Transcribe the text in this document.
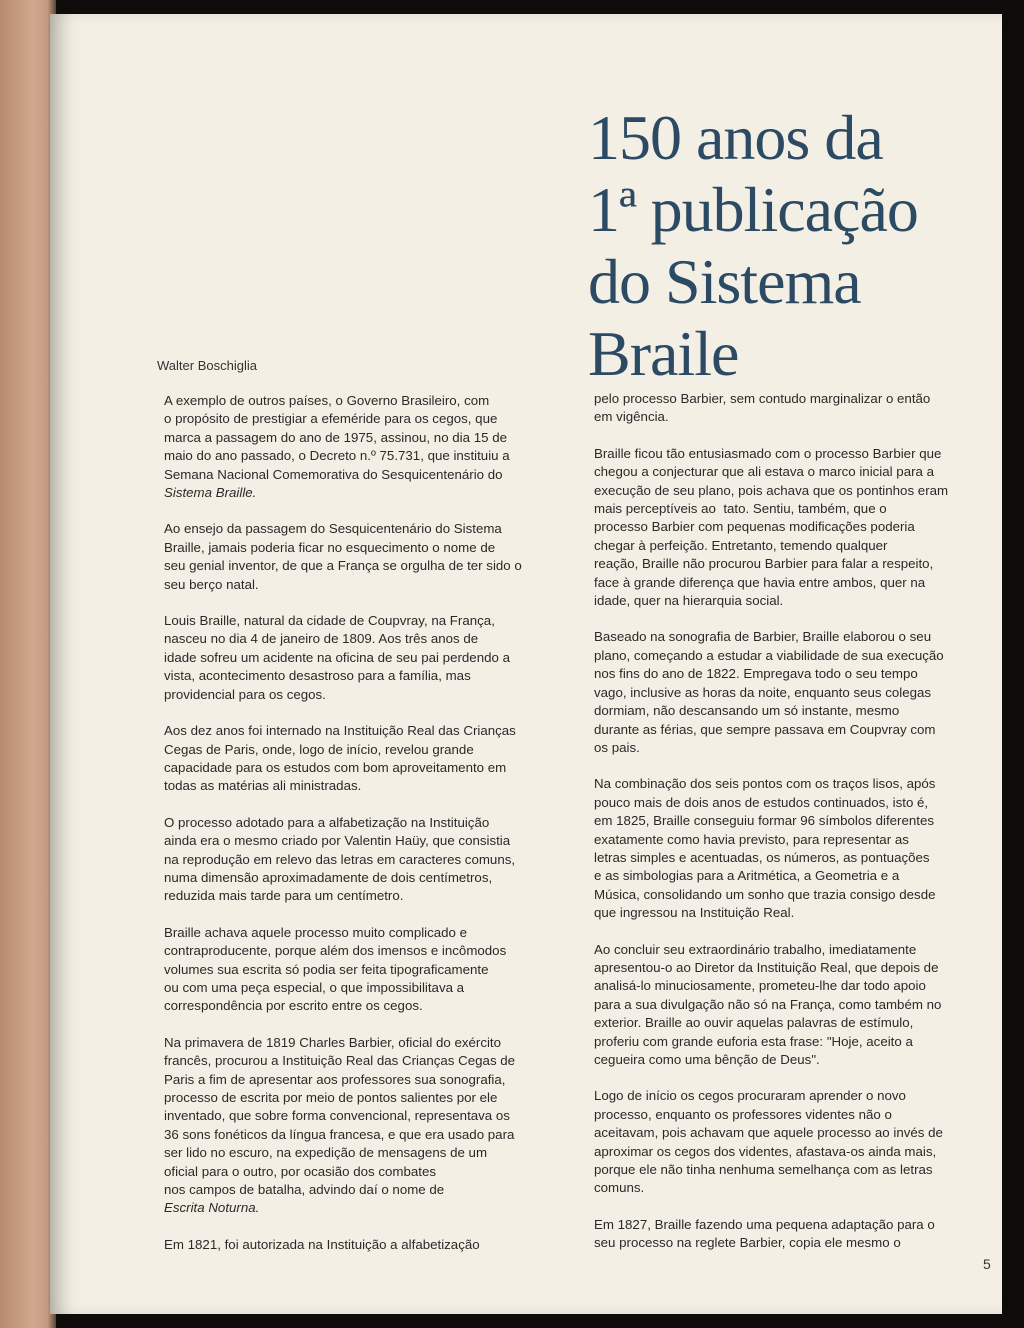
150 anos da
1ª publicação
do Sistema
Braile

Walter Boschiglia

A exemplo de outros países, o Governo Brasileiro, com
o propósito de prestigiar a efeméride para os cegos, que
marca a passagem do ano de 1975, assinou, no dia 15 de
maio do ano passado, o Decreto n.º 75.731, que instituiu a
Semana Nacional Comemorativa do Sesquicentenário do
Sistema Braille.

Ao ensejo da passagem do Sesquicentenário do Sistema
Braille, jamais poderia ficar no esquecimento o nome de
seu genial inventor, de que a França se orgulha de ter sido o
seu berço natal.

Louis Braille, natural da cidade de Coupvray, na França,
nasceu no dia 4 de janeiro de 1809. Aos três anos de
idade sofreu um acidente na oficina de seu pai perdendo a
vista, acontecimento desastroso para a família, mas
providencial para os cegos.

Aos dez anos foi internado na Instituição Real das Crianças
Cegas de Paris, onde, logo de início, revelou grande
capacidade para os estudos com bom aproveitamento em
todas as matérias ali ministradas.

O processo adotado para a alfabetização na Instituição
ainda era o mesmo criado por Valentin Haüy, que consistia
na reprodução em relevo das letras em caracteres comuns,
numa dimensão aproximadamente de dois centímetros,
reduzida mais tarde para um centímetro.

Braille achava aquele processo muito complicado e
contraproducente, porque além dos imensos e incômodos
volumes sua escrita só podia ser feita tipograficamente
ou com uma peça especial, o que impossibilitava a
correspondência por escrito entre os cegos.

Na primavera de 1819 Charles Barbier, oficial do exército
francês, procurou a Instituição Real das Crianças Cegas de
Paris a fim de apresentar aos professores sua sonografia,
processo de escrita por meio de pontos salientes por ele
inventado, que sobre forma convencional, representava os
36 sons fonéticos da língua francesa, e que era usado para
ser lido no escuro, na expedição de mensagens de um
oficial para o outro, por ocasião dos combates
nos campos de batalha, advindo daí o nome de
Escrita Noturna.

Em 1821, foi autorizada na Instituição a alfabetização

pelo processo Barbier, sem contudo marginalizar o então
em vigência.

Braille ficou tão entusiasmado com o processo Barbier que
chegou a conjecturar que ali estava o marco inicial para a
execução de seu plano, pois achava que os pontinhos eram
mais perceptíveis ao  tato. Sentiu, também, que o
processo Barbier com pequenas modificações poderia
chegar à perfeição. Entretanto, temendo qualquer
reação, Braille não procurou Barbier para falar a respeito,
face à grande diferença que havia entre ambos, quer na
idade, quer na hierarquia social.

Baseado na sonografia de Barbier, Braille elaborou o seu
plano, começando a estudar a viabilidade de sua execução
nos fins do ano de 1822. Empregava todo o seu tempo
vago, inclusive as horas da noite, enquanto seus colegas
dormiam, não descansando um só instante, mesmo
durante as férias, que sempre passava em Coupvray com
os pais.

Na combinação dos seis pontos com os traços lisos, após
pouco mais de dois anos de estudos continuados, isto é,
em 1825, Braille conseguiu formar 96 símbolos diferentes
exatamente como havia previsto, para representar as
letras simples e acentuadas, os números, as pontuações
e as simbologias para a Aritmética, a Geometria e a
Música, consolidando um sonho que trazia consigo desde
que ingressou na Instituição Real.

Ao concluir seu extraordinário trabalho, imediatamente
apresentou-o ao Diretor da Instituição Real, que depois de
analisá-lo minuciosamente, prometeu-lhe dar todo apoio
para a sua divulgação não só na França, como também no
exterior. Braille ao ouvir aquelas palavras de estímulo,
proferiu com grande euforia esta frase: "Hoje, aceito a
cegueira como uma bênção de Deus".

Logo de início os cegos procuraram aprender o novo
processo, enquanto os professores videntes não o
aceitavam, pois achavam que aquele processo ao invés de
aproximar os cegos dos videntes, afastava-os ainda mais,
porque ele não tinha nenhuma semelhança com as letras
comuns.

Em 1827, Braille fazendo uma pequena adaptação para o
seu processo na reglete Barbier, copia ele mesmo o

5
